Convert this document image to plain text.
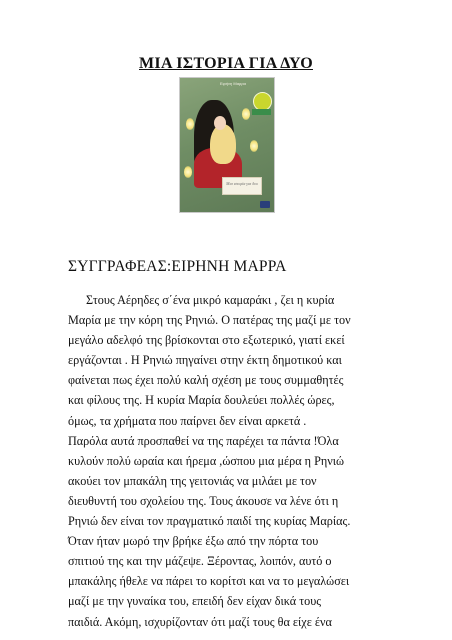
ΜΙΑ ΙΣΤΟΡΙΑ ΓΙΑ ΔΥΟ
Ειρήνη Μαρρα
Μια ιστορία για δυο
ΣΥΓΓΡΑΦΕΑΣ:ΕΙΡΗΝΗ ΜΑΡΡΑ
Στους Αέρηδες σ΄ένα μικρό καμαράκι , ζει η κυρία
Μαρία με την κόρη της Ρηνιώ. Ο πατέρας της μαζί με τον
μεγάλο αδελφό της βρίσκονται στο εξωτερικό, γιατί εκεί
εργάζονται . Η Ρηνιώ πηγαίνει στην έκτη δημοτικού και
φαίνεται πως έχει πολύ καλή σχέση με τους συμμαθητές
και φίλους της. Η κυρία Μαρία δουλεύει πολλές ώρες,
όμως, τα χρήματα που παίρνει δεν είναι αρκετά .
Παρόλα αυτά προσπαθεί να της παρέχει τα πάντα !Όλα
κυλούν πολύ ωραία και ήρεμα ,ώσπου μια μέρα η Ρηνιώ
ακούει τον μπακάλη της γειτονιάς να μιλάει με τον
διευθυντή του σχολείου της. Τους άκουσε να λένε ότι η
Ρηνιώ δεν είναι τον πραγματικό παιδί της κυρίας Μαρίας.
Όταν ήταν μωρό την βρήκε έξω από την πόρτα του
σπιτιού της και την μάζεψε. Ξέροντας, λοιπόν, αυτό ο
μπακάλης ήθελε να πάρει το κορίτσι και να το μεγαλώσει
μαζί με την γυναίκα του, επειδή δεν είχαν δικά τους
παιδιά. Ακόμη, ισχυρίζονταν ότι μαζί τους θα είχε ένα
